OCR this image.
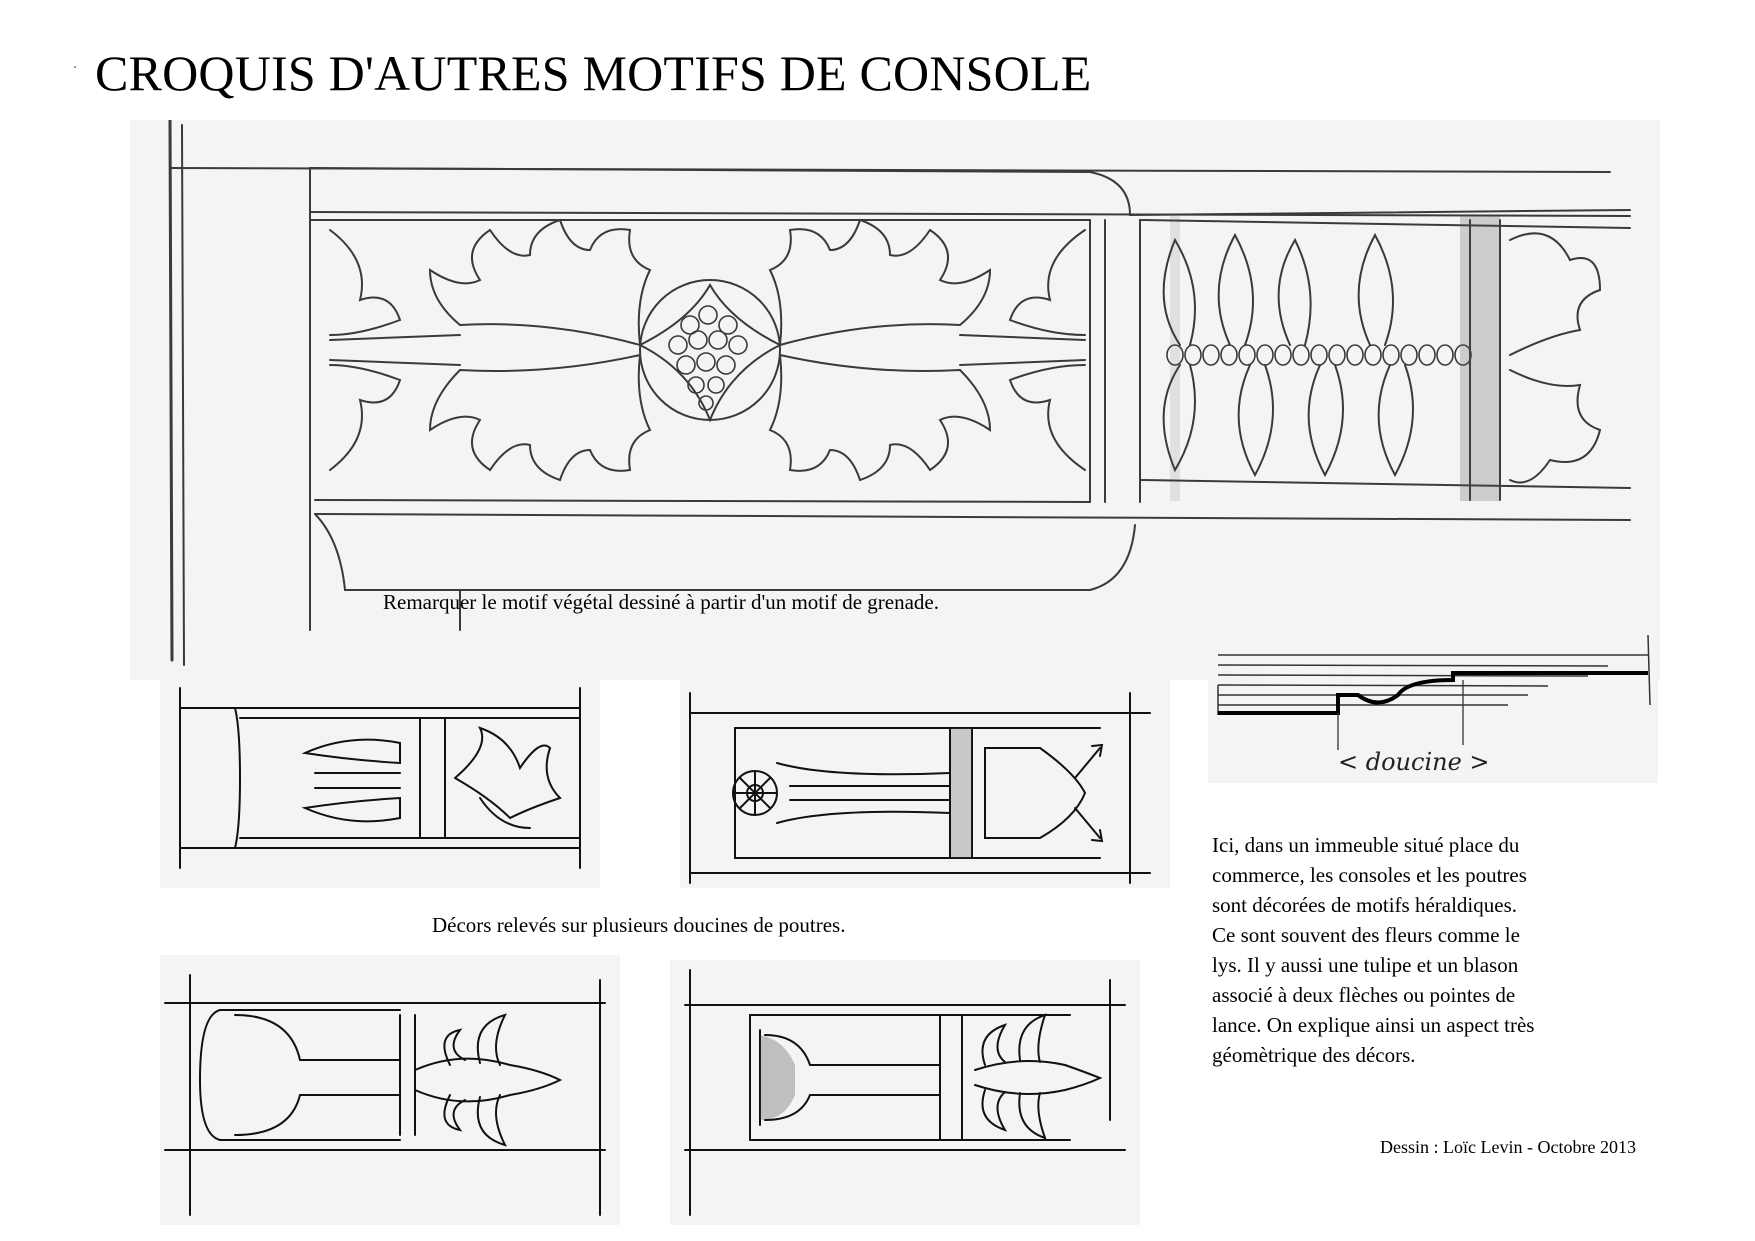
CROQUIS D'AUTRES MOTIFS DE CONSOLE
Remarquer le motif végétal dessiné à partir d'un motif de grenade.
< doucine >
Décors relevés sur plusieurs doucines de poutres.
Ici, dans un immeuble situé place du
commerce, les consoles et les poutres
sont décorées de motifs héraldiques.
Ce sont souvent des fleurs comme le
lys. Il y aussi une tulipe et un blason
associé à deux flèches ou pointes de
lance. On explique ainsi un aspect très
géomètrique des décors.
Dessin : Loïc Levin - Octobre 2013
